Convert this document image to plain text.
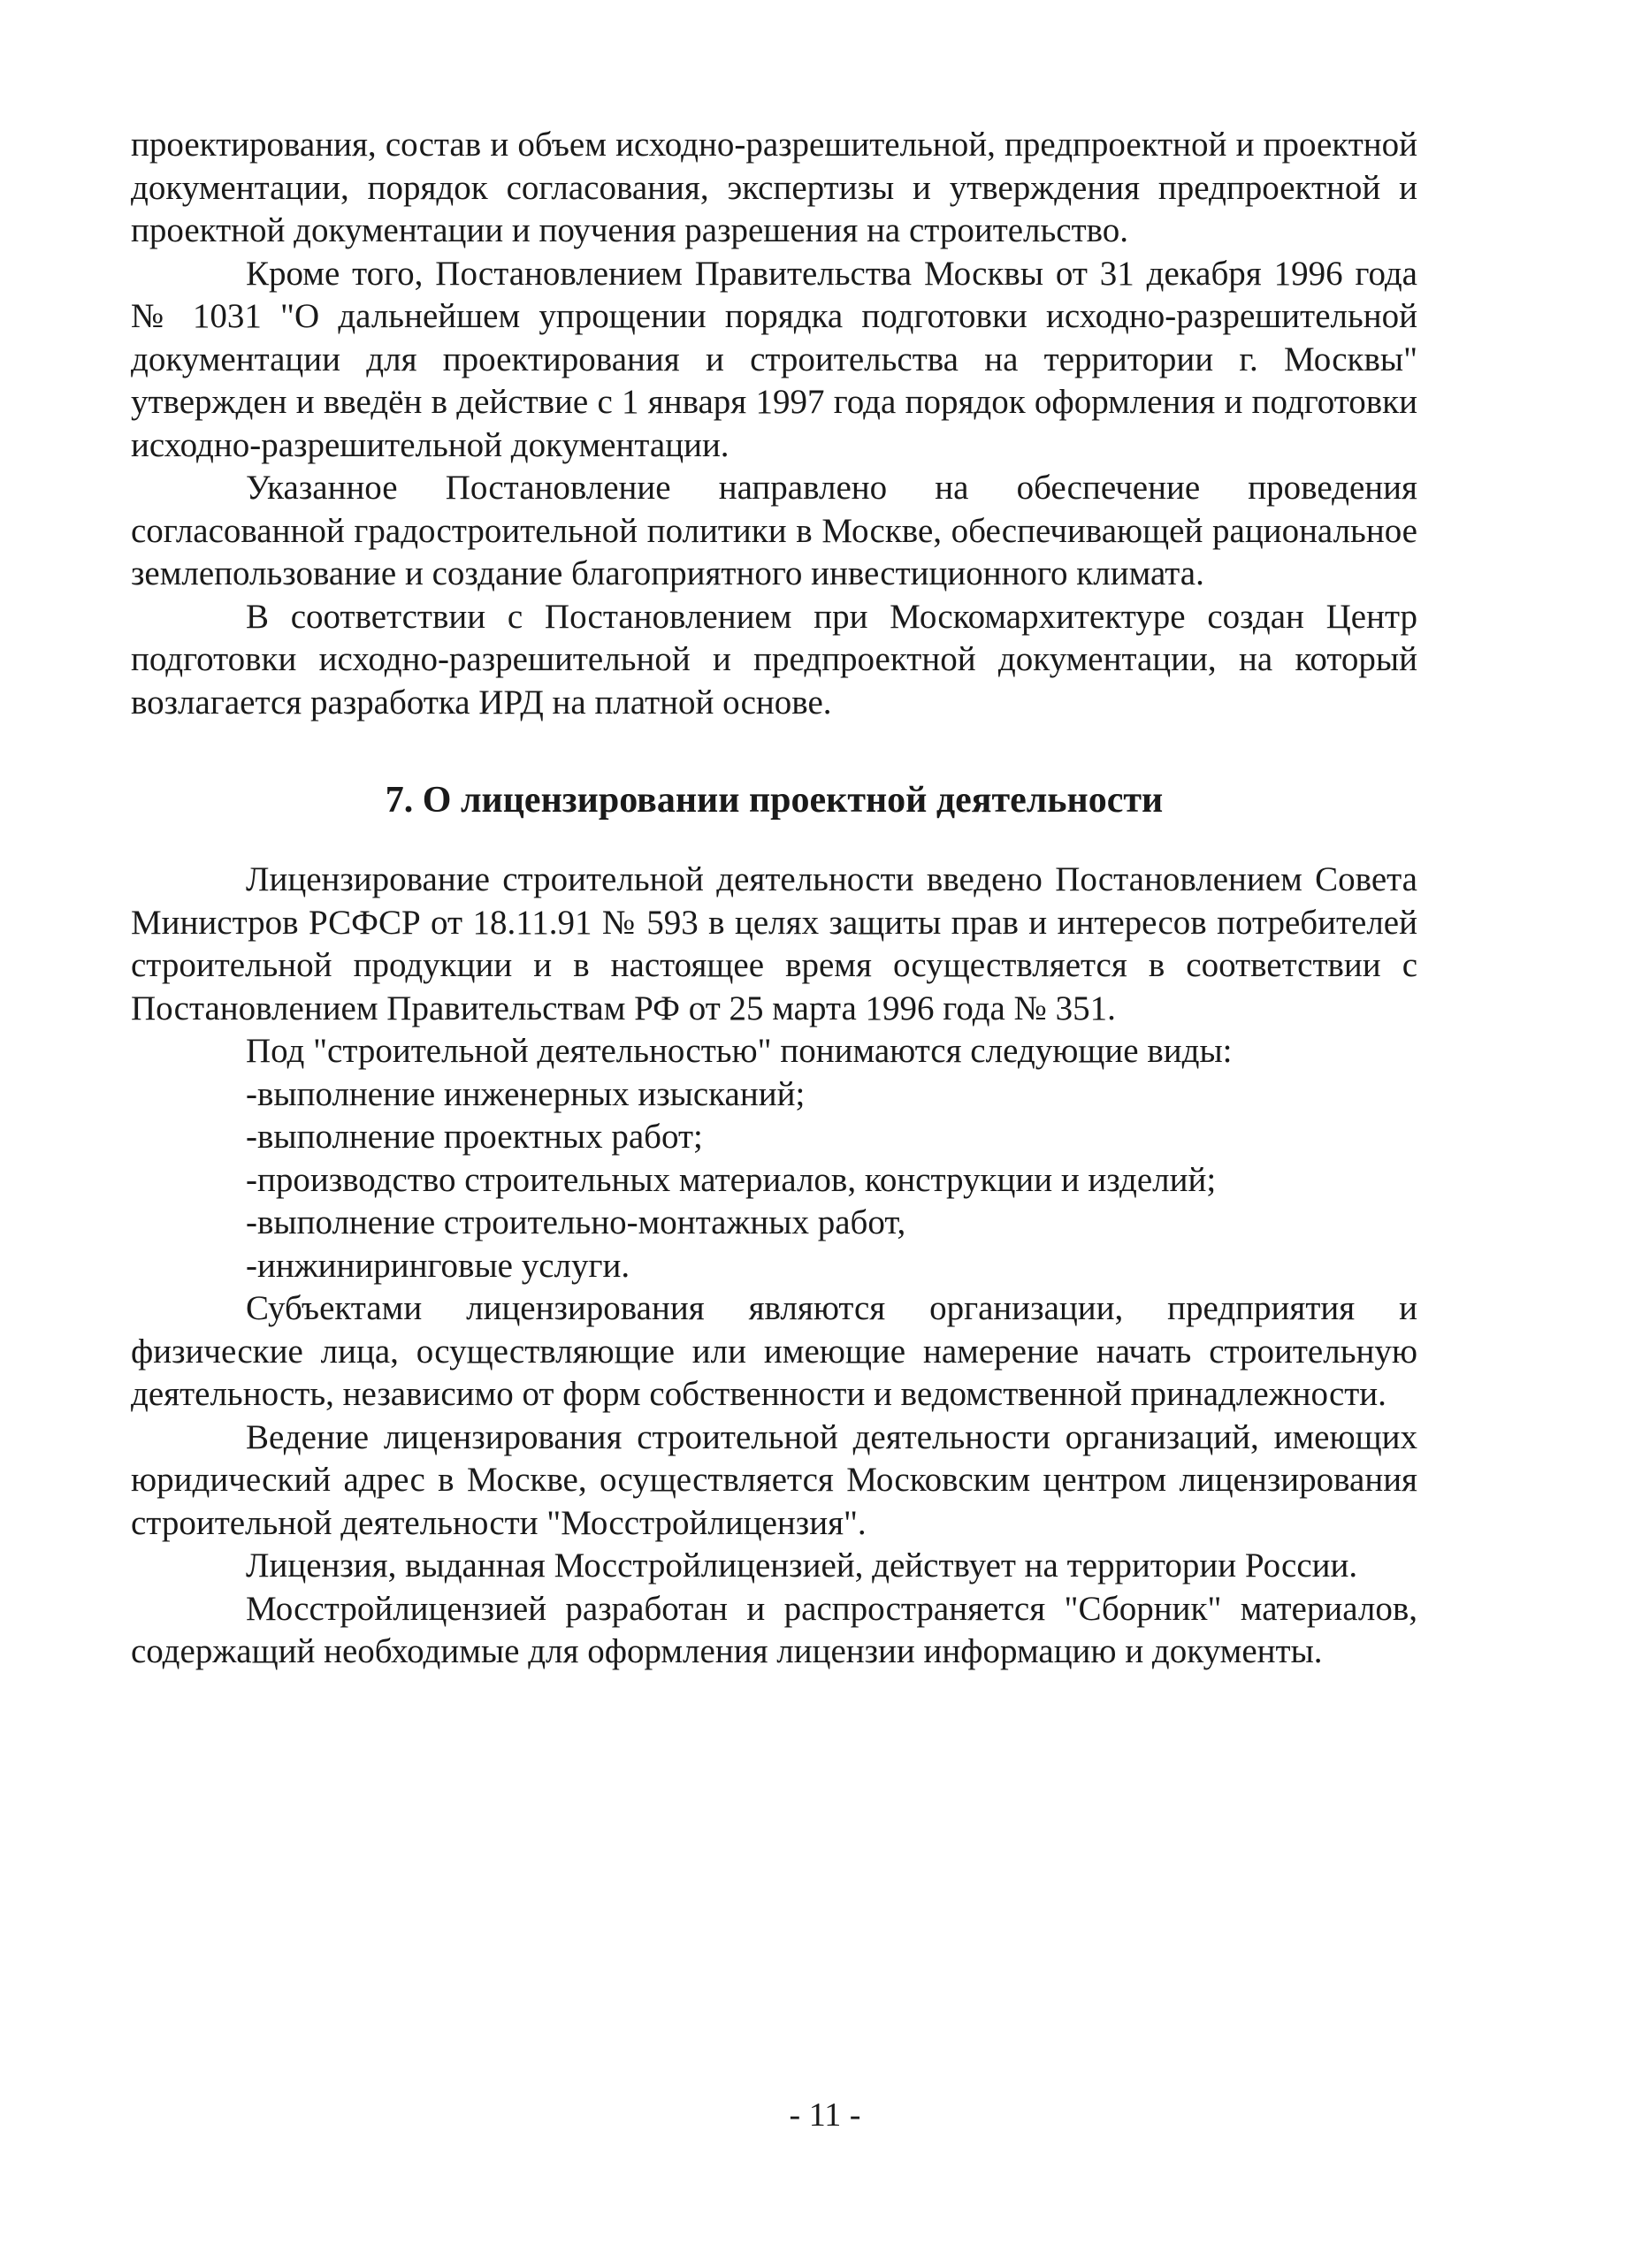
проектирования, состав и объем исходно-разрешительной, предпроектной и проектной документации, порядок согласования, экспертизы и утверждения предпроектной и проектной документации и поучения разрешения на строительство.

Кроме того, Постановлением Правительства Москвы от 31 декабря 1996 года № 1031 "О дальнейшем упрощении порядка подготовки исходно-разрешительной документации для проектирования и строительства на территории г. Москвы" утвержден и введён в действие с 1 января 1997 года порядок оформления и подготовки исходно-разрешительной документации.

Указанное Постановление направлено на обеспечение проведения согласованной градостроительной политики в Москве, обеспечивающей рациональное землепользование и создание благоприятного инвестиционного климата.

В соответствии с Постановлением при Москомархитектуре создан Центр подготовки исходно-разрешительной и предпроектной документации, на который возлагается разработка ИРД на платной основе.

7. О лицензировании проектной деятельности

Лицензирование строительной деятельности введено Постановлением Совета Министров РСФСР от 18.11.91 № 593 в целях защиты прав и интересов потребителей строительной продукции и в настоящее время осуществляется в соответствии с Постановлением Правительствам РФ от 25 марта 1996 года № 351.

Под "строительной деятельностью" понимаются следующие виды:

-выполнение инженерных изысканий;

-выполнение проектных работ;

-производство строительных материалов, конструкции и изделий;

-выполнение строительно-монтажных работ,

-инжиниринговые услуги.

Субъектами лицензирования являются организации, предприятия и физические лица, осуществляющие или имеющие намерение начать строительную деятельность, независимо от форм собственности и ведомственной принадлежности.

Ведение лицензирования строительной деятельности организаций, имеющих юридический адрес в Москве, осуществляется Московским центром лицензирования строительной деятельности "Мосстройлицензия".

Лицензия, выданная Мосстройлицензией, действует на территории России.

Мосстройлицензией разработан и распространяется "Сборник" материалов, содержащий необходимые для оформления лицензии информацию и документы.

- 11 -
